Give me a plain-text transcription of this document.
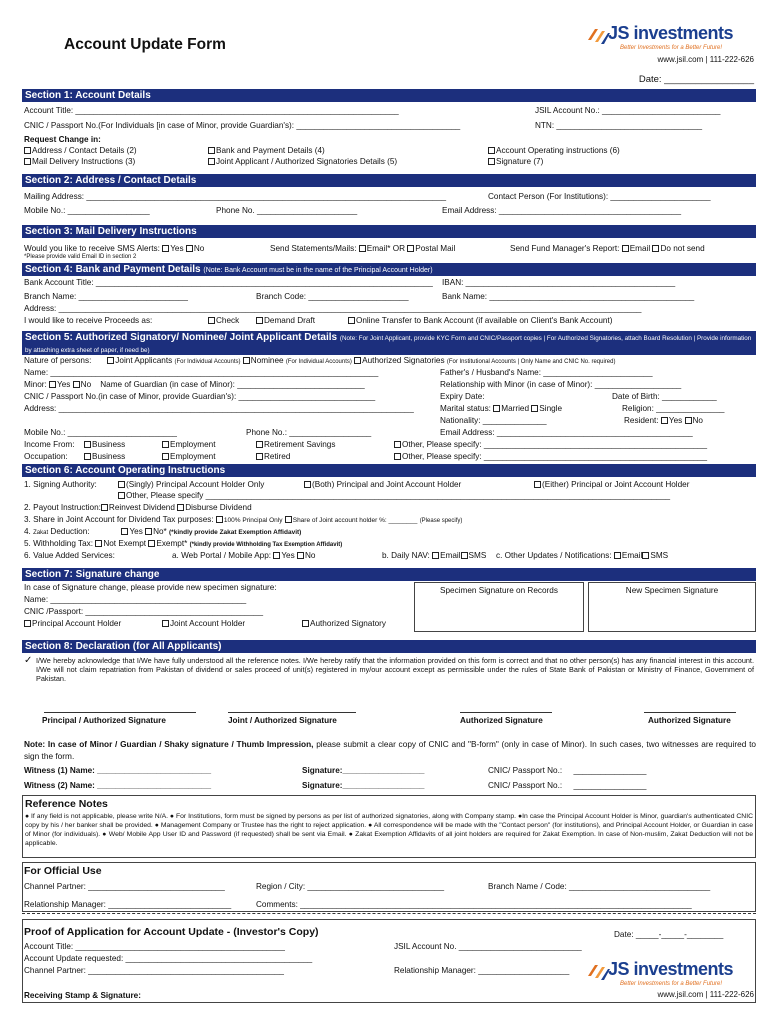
Account Update Form
JS investments
Better Investments for a Better Future!
www.jsil.com | 111-222-626
Date: _________________
Section 1: Account Details
Account Title: _______________________________________________________________________	JSIL Account No.: __________________________
CNIC / Passport No.(For Individuals [in case of Minor, provide Guardian's): ____________________________________	NTN: ________________________________
Request Change in:
Address / Contact Details (2)
Mail Delivery Instructions (3)
Bank and Payment Details (4)
Joint Applicant / Authorized Signatories Details (5)
Account Operating instructions (6)
Signature (7)
Section 2: Address / Contact Details
Mailing Address: _______________________________________________________________________________	Contact Person (For Institutions): ______________________
Mobile No.: __________________	Phone No. ______________________	Email Address: ________________________________________
Section 3: Mail Delivery Instructions
Would you like to receive SMS Alerts: Yes No	Send Statements/Mails: Email* OR Postal Mail	Send Fund Manager's Report: Email Do not send
*Please provide valid Email ID in section 2
Section 4: Bank and Payment Details (Note: Bank Account must be in the name of the Principal Account Holder)
Bank Account Title: __________________________________________________________________________ IBAN: ______________________________________________
Branch Name: ________________________	Branch Code: ______________________	Bank Name: _____________________________________________
Address: ________________________________________________________________________________________________________________________________
I would like to receive Proceeds as:	Check	Demand Draft	Online Transfer to Bank Account (if available on Client's Bank Account)
Section 5: Authorized Signatory/ Nominee/ Joint Applicant Details (Note: For Joint Applicant, provide KYC Form and CNIC/Passport copies | For Authorized Signatories, attach Board Resolution | Provide information by attaching extra sheet of paper, if need be)
Nature of persons:	Joint Applicants (For Individual Accounts) Nominee (For Individual Accounts) Authorized Signatories (For Institutional Accounts | Only Name and CNIC No. required)
Name: ________________________________________________________________________	Father's / Husband's Name: ________________________
Minor: Yes No Name of Guardian (in case of Minor): ____________________________	Relationship with Minor (in case of Minor): ___________________
CNIC / Passport No.(in case of Minor, provide Guardian's): ______________________________	Expiry Date:	Date of Birth: ____________
Address: ______________________________________________________________________________	Marital status: Married Single	Religion: _______________
Nationality: ______________	Resident: Yes No
Mobile No.: ________________________	Phone No.: __________________	Email Address: ___________________________________________
Income From:	Business	Employment	Retirement Savings	Other, Please specify: _________________________________________________
Occupation:	Business	Employment	Retired	Other, Please specify: _________________________________________________
Section 6: Account Operating Instructions
1. Signing Authority:	(Singly) Principal Account Holder Only	(Both) Principal and Joint Account Holder	(Either) Principal or Joint Account Holder
Other, Please specify ______________________________________________________________________________________________________
2. Payout Instruction: Reinvest Dividend Disburse Dividend
3. Share in Joint Account for Dividend Tax purposes: 100% Principal Only Share of Joint account holder %: ________ (Please specify)
4. Zakat Deduction:	Yes No* (*kindly provide Zakat Exemption Affidavit)
5. Withholding Tax: Not Exempt Exempt* (*kindly provide Withholding Tax Exemption Affidavit)
6. Value Added Services:	a. Web Portal / Mobile App: Yes No	b. Daily NAV: Email SMS c. Other Updates / Notifications: Email SMS
Section 7: Signature change
In case of Signature change, please provide new specimen signature:
Name: ___________________________________________
CNIC /Passport: _______________________________________
Principal Account Holder	Joint Account Holder	Authorized Signatory
Specimen Signature on Records	New Specimen Signature
Section 8: Declaration (for All Applicants)
✓ I/We hereby acknowledge that I/We have fully understood all the reference notes. I/We hereby ratify that the information provided on this form is correct and that no other person(s) has any financial interest in this account. I/We will not claim repatriation from Pakistan of dividend or sales proceed of unit(s) registered in my/our account except as permissible under the rules of State Bank of Pakistan or Ministry of Finance, Government of Pakistan.
Principal / Authorized Signature	Joint / Authorized Signature	Authorized Signature	Authorized Signature
Note: In case of Minor / Guardian / Shaky signature / Thumb Impression, please submit a clear copy of CNIC and "B-form" (only in case of Minor). In such cases, two witnesses are required to sign the form.
Witness (1) Name: _________________________	Signature:__________________	CNIC/ Passport No.: ________________
Witness (2) Name: _________________________	Signature:__________________	CNIC/ Passport No.: ________________
Reference Notes
● If any field is not applicable, please write N/A. ● For Institutions, form must be signed by persons as per list of authorized signatories, along with Company stamp. ●In case the Principal Account Holder is Minor, guardian's authenticated CNIC copy by his / her banker shall be provided. ● Management Company or Trustee has the right to reject application. ● All correspondence will be made with the "Contact person" (for institutions), and Principal Account Holder, or Guardian in case of Minor (for individuals). ● Web/ Mobile App User ID and Password (if requested) shall be sent via Email. ● Zakat Exemption Affidavits of all joint holders are required for Zakat Exemption. In case of Non-muslim, Zakat Deduction will not be applicable.
For Official Use
Channel Partner: ______________________________	Region / City: ______________________________	Branch Name / Code: _______________________________
Relationship Manager: ___________________________	Comments: ______________________________________________________________________________________
Proof of Application for Account Update - (Investor's Copy)	Date: _____-_____-________
Account Title: ______________________________________________	JSIL Account No. ___________________________
Account Update requested: _________________________________________
Channel Partner: ___________________________________________	Relationship Manager: ____________________
Receiving Stamp & Signature:
JS investments
Better Investments for a Better Future!
www.jsil.com | 111-222-626
